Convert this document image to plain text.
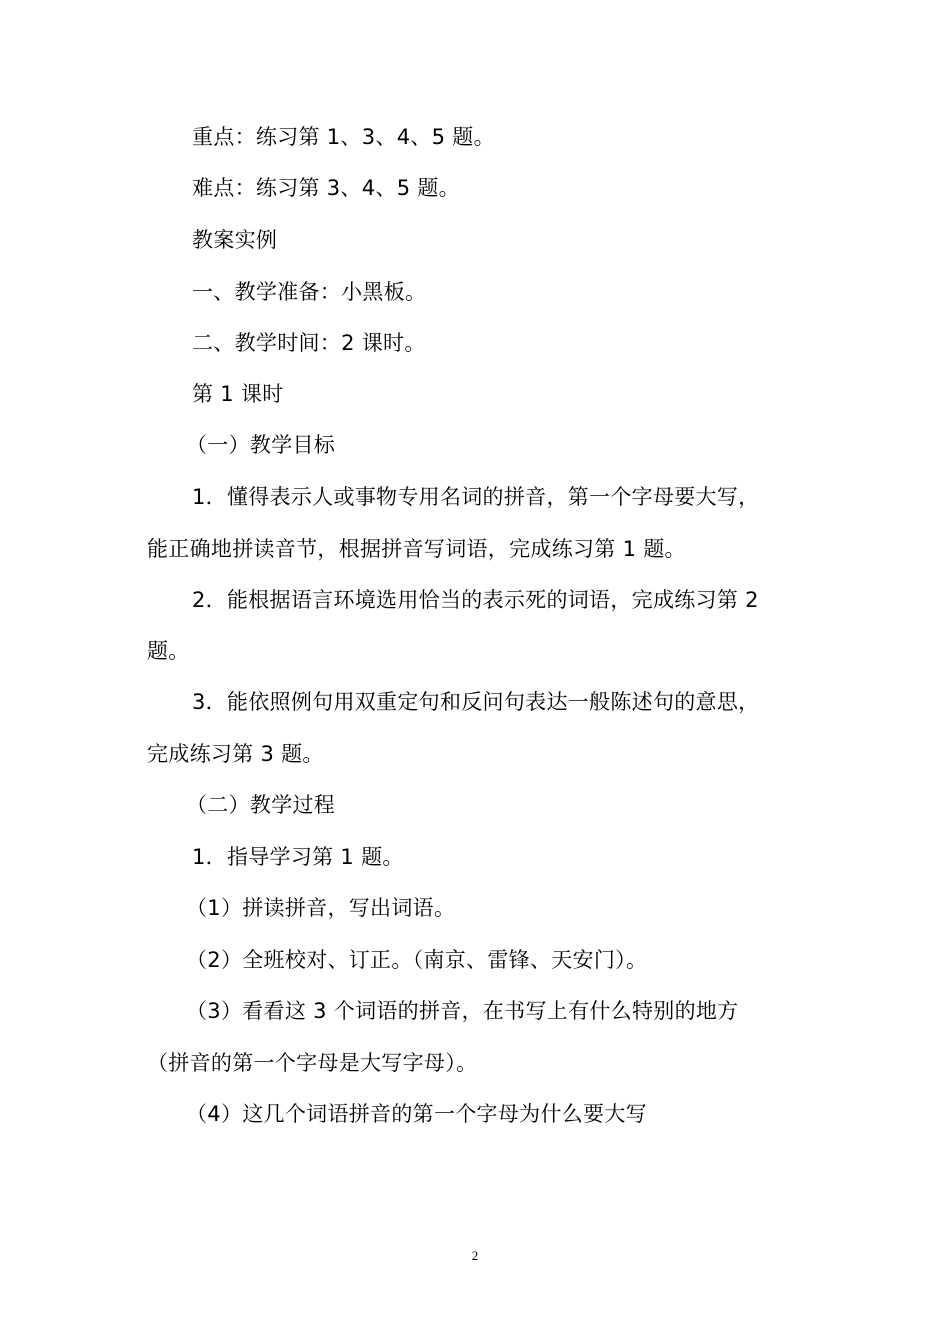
重点：练习第 1、3、4、5 题。
难点：练习第 3、4、5 题。
教案实例
一、教学准备：小黑板。
二、教学时间：2 课时。
第 1 课时
（一）教学目标
1．懂得表示人或事物专用名词的拼音，第一个字母要大写，
能正确地拼读音节，根据拼音写词语，完成练习第 1 题。
2．能根据语言环境选用恰当的表示死的词语，完成练习第 2
题。
3．能依照例句用双重定句和反问句表达一般陈述句的意思，
完成练习第 3 题。
（二）教学过程
1．指导学习第 1 题。
（1）拼读拼音，写出词语。
（2）全班校对、订正。（南京、雷锋、天安门）。
（3）看看这 3 个词语的拼音，在书写上有什么特别的地方
（拼音的第一个字母是大写字母）。
（4）这几个词语拼音的第一个字母为什么要大写
2
